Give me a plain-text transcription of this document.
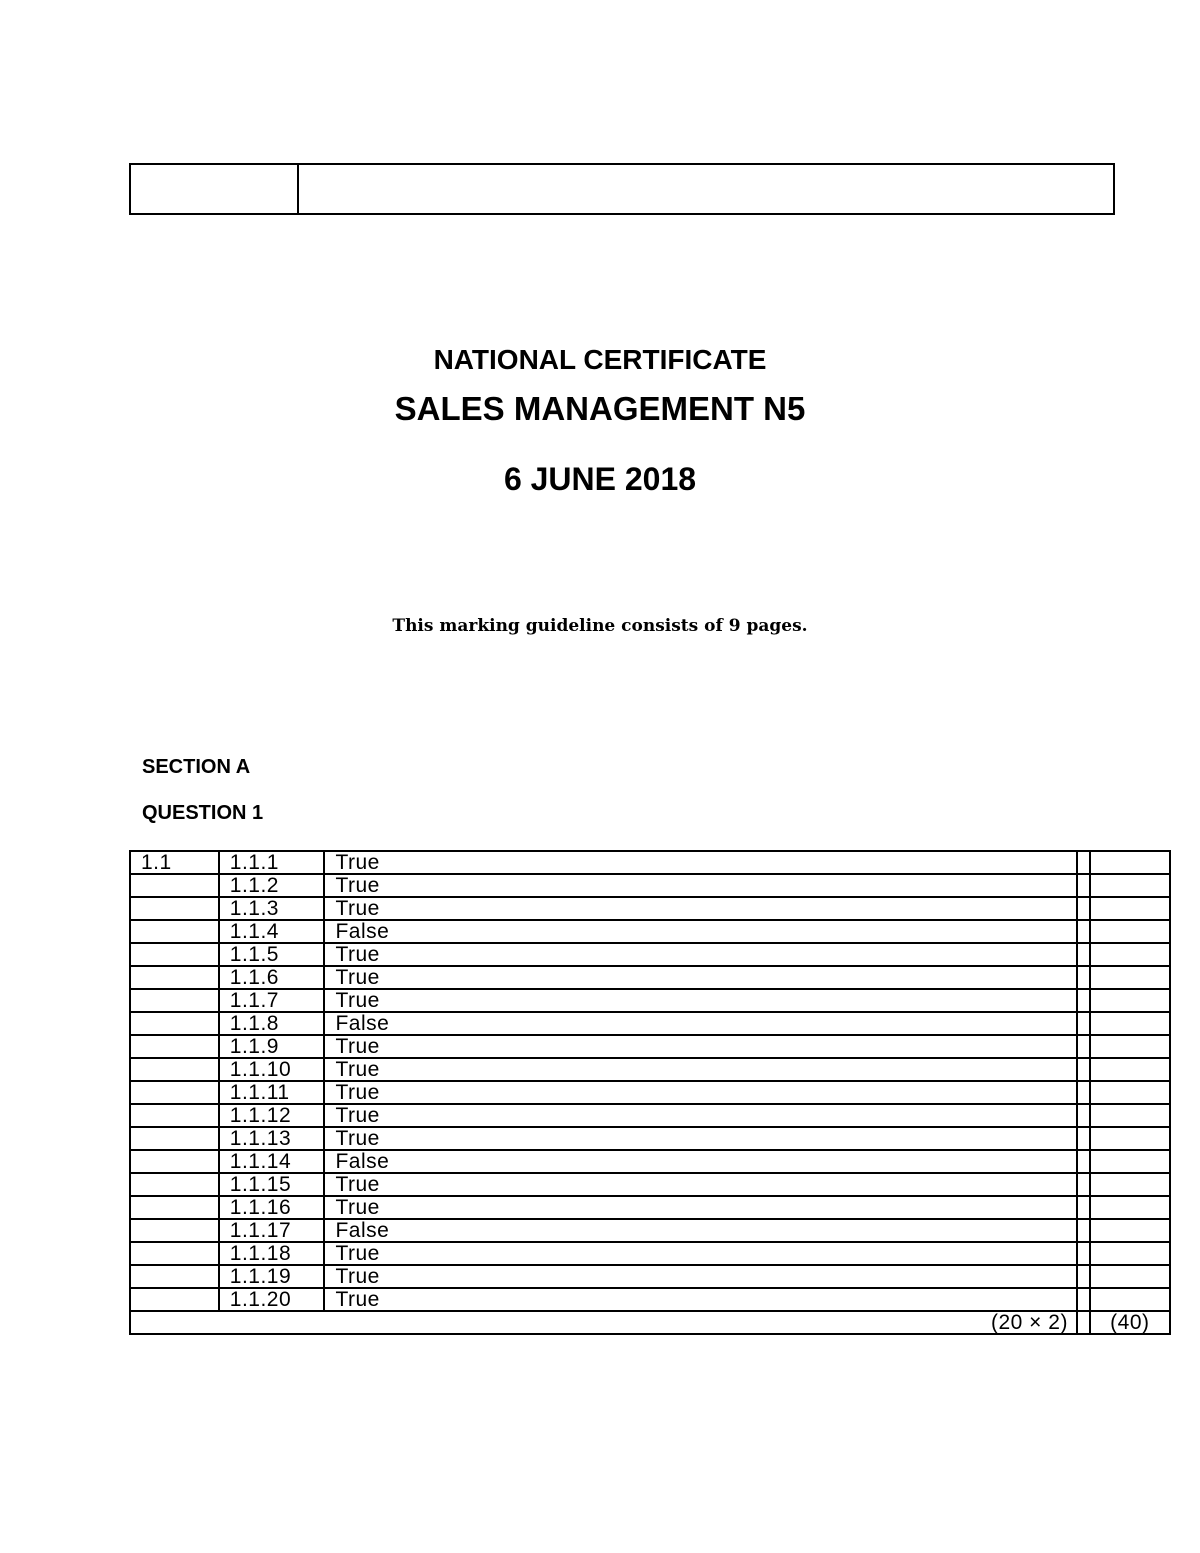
NATIONAL CERTIFICATE
SALES MANAGEMENT N5
6 JUNE 2018
This marking guideline consists of 9 pages.
SECTION A
QUESTION 1
1.1	1.1.1	True		
	1.1.2	True		
	1.1.3	True		
	1.1.4	False		
	1.1.5	True		
	1.1.6	True		
	1.1.7	True		
	1.1.8	False		
	1.1.9	True		
	1.1.10	True		
	1.1.11	True		
	1.1.12	True		
	1.1.13	True		
	1.1.14	False		
	1.1.15	True		
	1.1.16	True		
	1.1.17	False		
	1.1.18	True		
	1.1.19	True		
	1.1.20	True		
(20 × 2)				(40)
